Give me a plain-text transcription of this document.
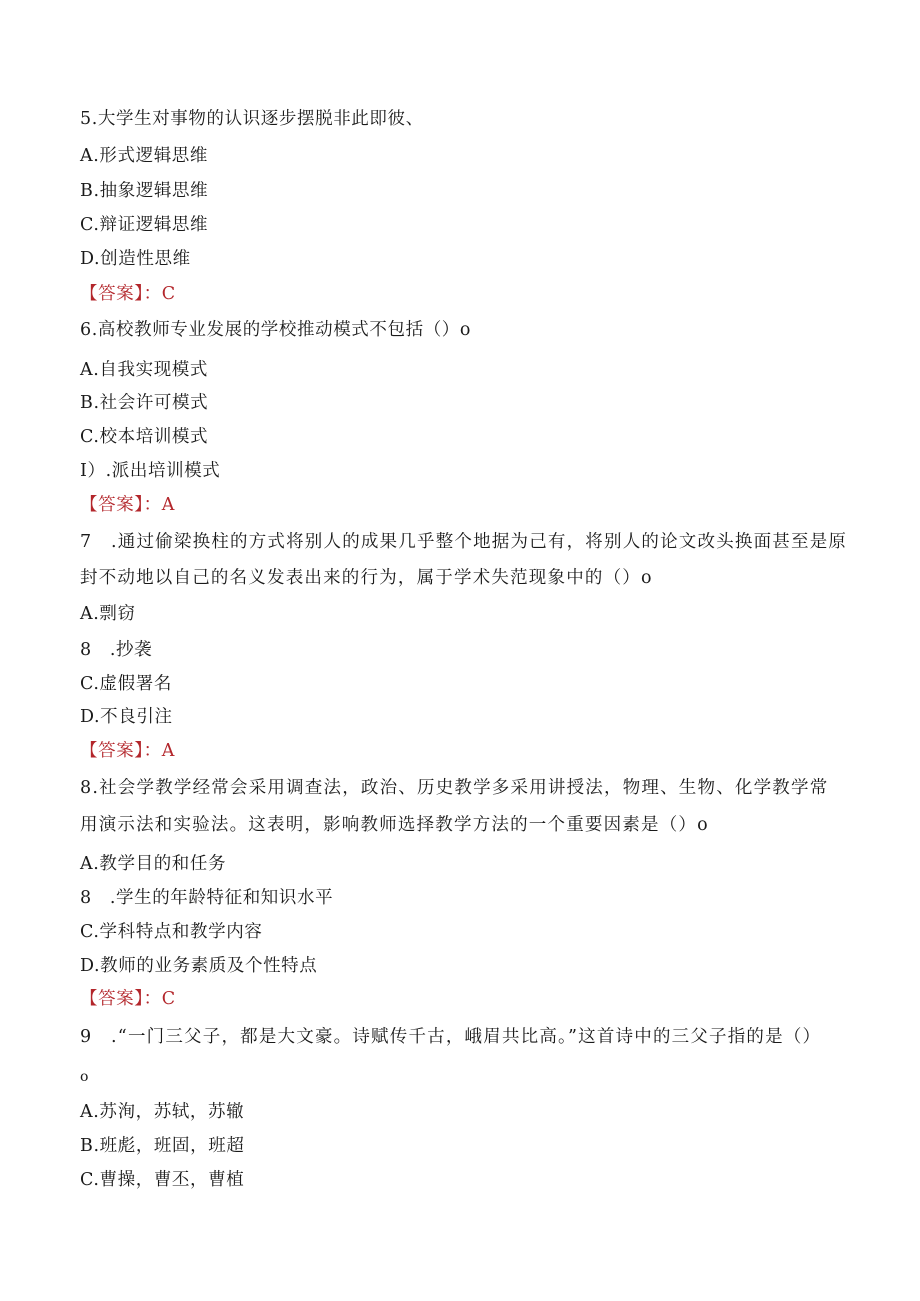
5.大学生对事物的认识逐步摆脱非此即彼、
A.形式逻辑思维
B.抽象逻辑思维
C.辩证逻辑思维
D.创造性思维
【答案】：C
6.高校教师专业发展的学校推动模式不包括（）o
A.自我实现模式
B.社会许可模式
C.校本培训模式
I）.派出培训模式
【答案】：A
7　.通过偷梁换柱的方式将别人的成果几乎整个地据为己有，将别人的论文改头换面甚至是原
封不动地以自己的名义发表出来的行为，属于学术失范现象中的（）o
A.剽窃
8　.抄袭
C.虚假署名
D.不良引注
【答案】：A
8.社会学教学经常会采用调查法，政治、历史教学多采用讲授法，物理、生物、化学教学常
用演示法和实验法。这表明，影响教师选择教学方法的一个重要因素是（）o
A.教学目的和任务
8　.学生的年龄特征和知识水平
C.学科特点和教学内容
D.教师的业务素质及个性特点
【答案】：C
9　.“一门三父子，都是大文豪。诗赋传千古，峨眉共比高。”这首诗中的三父子指的是（）
o
A.苏洵，苏轼，苏辙
B.班彪，班固，班超
C.曹操，曹丕，曹植
